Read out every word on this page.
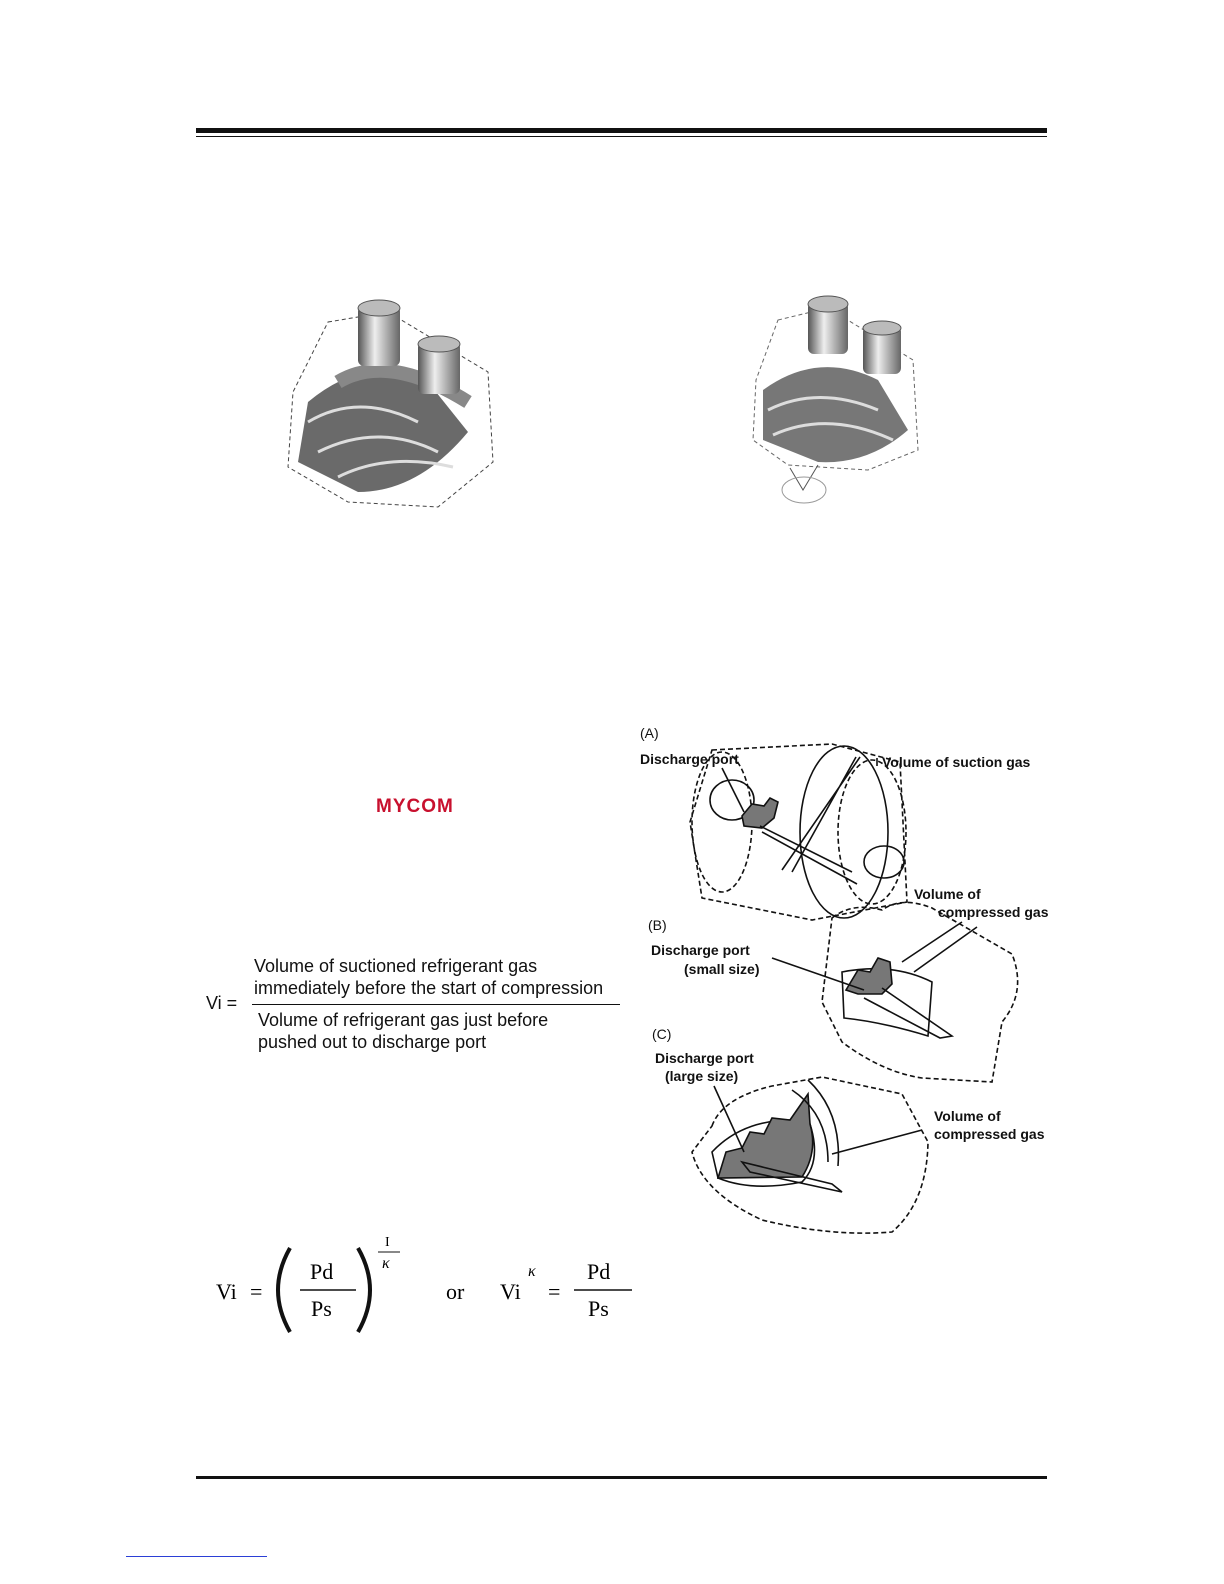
MYCOM
Vi =
Volume of suctioned refrigerant gas
immediately before the start of compression
Volume of refrigerant gas just before
pushed out to discharge port
Vi =
Pd
Ps
I
κ
or Vi
κ
=
Pd
Ps
(A)
Discharge port	Volume of suction gas
Volume of
compressed gas
(B)
Discharge port
(small size)
(C)
Discharge port
(large size)
Volume of
compressed gas
